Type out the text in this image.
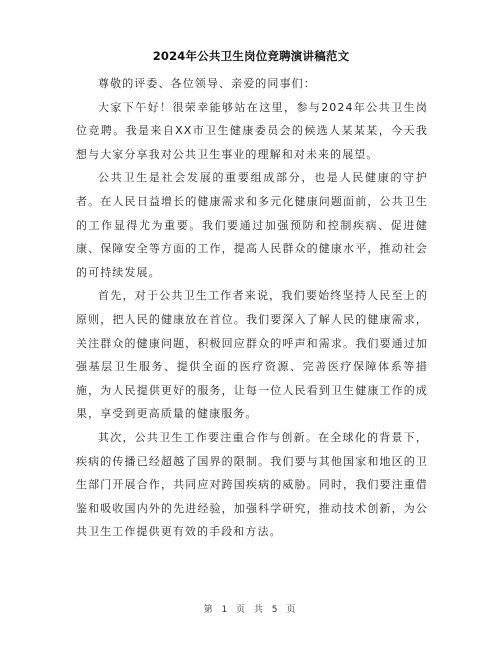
2024年公共卫生岗位竞聘演讲稿范文

尊敬的评委、各位领导、亲爱的同事们：

大家下午好！很荣幸能够站在这里，参与2024年公共卫生岗位竞聘。我是来自XX市卫生健康委员会的候选人某某某，今天我想与大家分享我对公共卫生事业的理解和对未来的展望。

公共卫生是社会发展的重要组成部分，也是人民健康的守护者。在人民日益增长的健康需求和多元化健康问题面前，公共卫生的工作显得尤为重要。我们要通过加强预防和控制疾病、促进健康、保障安全等方面的工作，提高人民群众的健康水平，推动社会的可持续发展。

首先，对于公共卫生工作者来说，我们要始终坚持人民至上的原则，把人民的健康放在首位。我们要深入了解人民的健康需求，关注群众的健康问题，积极回应群众的呼声和需求。我们要通过加强基层卫生服务、提供全面的医疗资源、完善医疗保障体系等措施，为人民提供更好的服务，让每一位人民看到卫生健康工作的成果，享受到更高质量的健康服务。

其次，公共卫生工作要注重合作与创新。在全球化的背景下，疾病的传播已经超越了国界的限制。我们要与其他国家和地区的卫生部门开展合作，共同应对跨国疾病的威胁。同时，我们要注重借鉴和吸收国内外的先进经验，加强科学研究，推动技术创新，为公共卫生工作提供更有效的手段和方法。

第 1 页 共 5 页
